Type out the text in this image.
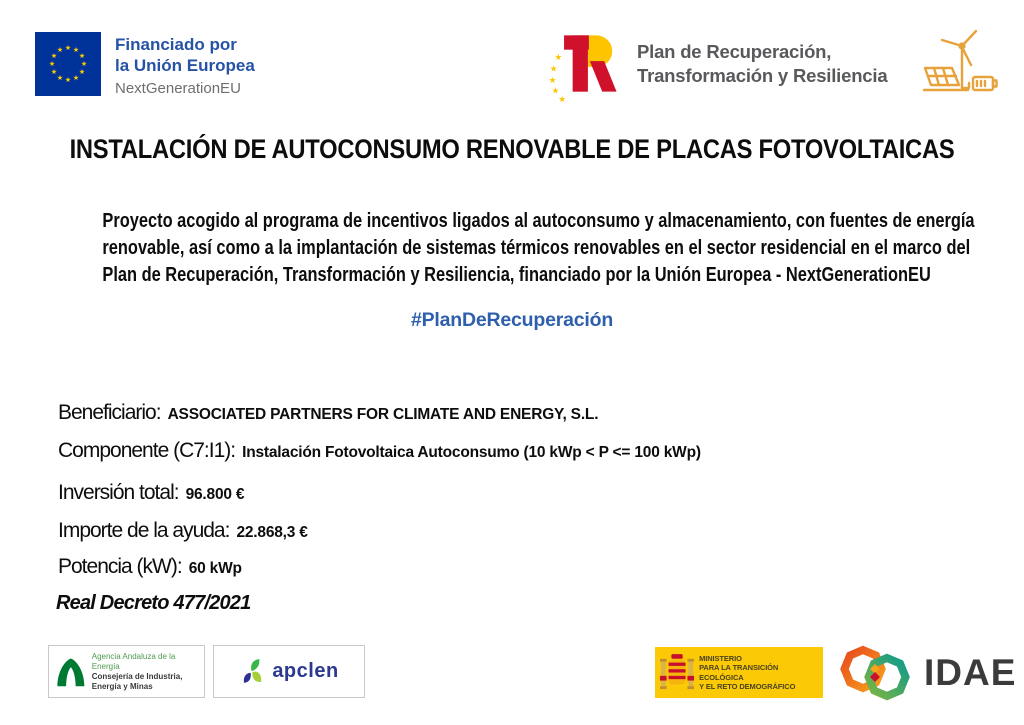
★ ★
★
★
★
★
★
★
★
★
★
★	Financiado por
la Unión Europea
NextGenerationEU
★
★
★
★
★
Plan de Recuperación,
Transformación y Resiliencia
INSTALACIÓN DE AUTOCONSUMO RENOVABLE DE PLACAS FOTOVOLTAICAS
Proyecto acogido al programa de incentivos ligados al autoconsumo y almacenamiento, con fuentes de energía
renovable, así como a la implantación de sistemas térmicos renovables en el sector residencial en el marco del
Plan de Recuperación, Transformación y Resiliencia, financiado por la Unión Europea - NextGenerationEU
#PlanDeRecuperación
Beneficiario: ASSOCIATED PARTNERS FOR CLIMATE AND ENERGY, S.L.
Componente (C7:I1): Instalación Fotovoltaica Autoconsumo (10 kWp < P <= 100 kWp)
Inversión total: 96.800 €
Importe de la ayuda: 22.868,3 €
Potencia (kW): 60 kWp
Real Decreto 477/2021
Agencia Andaluza de la Energía
Consejería de Industria,
Energía y Minas
apclen
MINISTERIO
PARA LA TRANSICIÓN ECOLÓGICA
Y EL RETO DEMOGRÁFICO	IDAE
